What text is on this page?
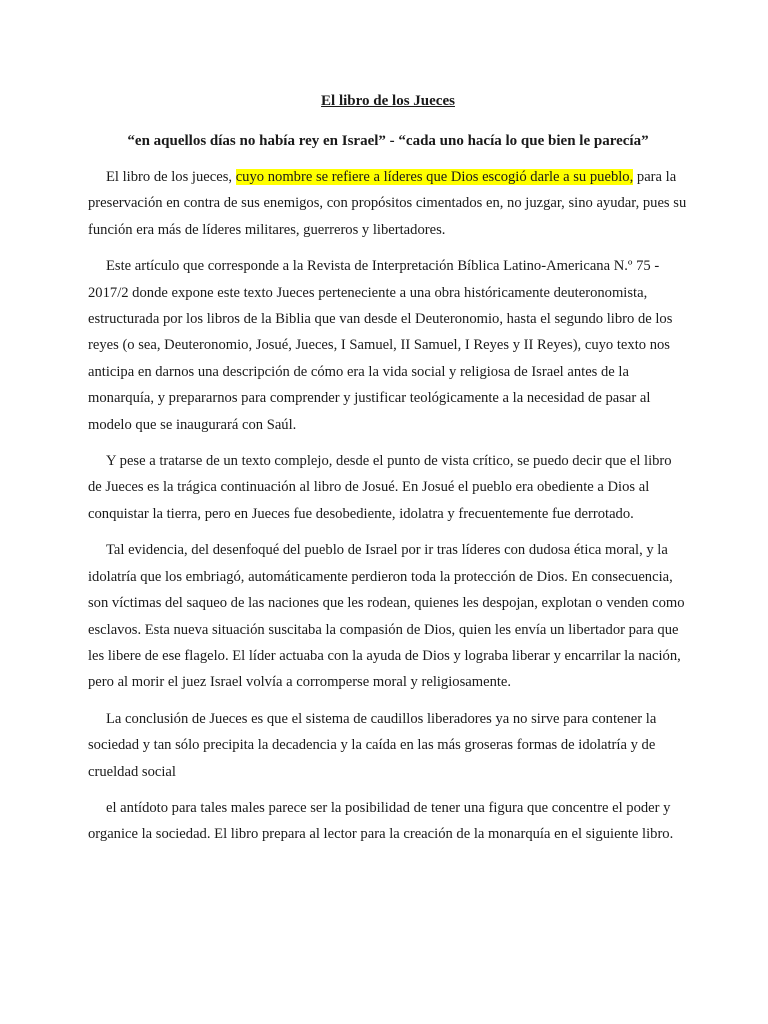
El libro de los Jueces
“en aquellos días no había rey en Israel” - “cada uno hacía lo que bien le parecía”

El libro de los jueces, cuyo nombre se refiere a líderes que Dios escogió darle a su pueblo, para la preservación en contra de sus enemigos, con propósitos cimentados en, no juzgar, sino ayudar, pues su función era más de líderes militares, guerreros y libertadores.

Este artículo que corresponde a la Revista de Interpretación Bíblica Latino-Americana N.º 75 - 2017/2 donde expone este texto Jueces perteneciente a una obra históricamente deuteronomista, estructurada por los libros de la Biblia que van desde el Deuteronomio, hasta el segundo libro de los reyes (o sea, Deuteronomio, Josué, Jueces, I Samuel, II Samuel, I Reyes y II Reyes), cuyo texto nos anticipa en darnos una descripción de cómo era la vida social y religiosa de Israel antes de la monarquía, y prepararnos para comprender y justificar teológicamente a la necesidad de pasar al modelo que se inaugurará con Saúl.

Y pese a tratarse de un texto complejo, desde el punto de vista crítico, se puedo decir que el libro de Jueces es la trágica continuación al libro de Josué. En Josué el pueblo era obediente a Dios al conquistar la tierra, pero en Jueces fue desobediente, idolatra y frecuentemente fue derrotado.

Tal evidencia, del desenfoqué del pueblo de Israel por ir tras líderes con dudosa ética moral, y la idolatría que los embriagó, automáticamente perdieron toda la protección de Dios. En consecuencia, son víctimas del saqueo de las naciones que les rodean, quienes les despojan, explotan o venden como esclavos. Esta nueva situación suscitaba la compasión de Dios, quien les envía un libertador para que les libere de ese flagelo. El líder actuaba con la ayuda de Dios y lograba liberar y encarrilar la nación, pero al morir el juez Israel volvía a corromperse moral y religiosamente.

La conclusión de Jueces es que el sistema de caudillos liberadores ya no sirve para contener la sociedad y tan sólo precipita la decadencia y la caída en las más groseras formas de idolatría y de crueldad social

el antídoto para tales males parece ser la posibilidad de tener una figura que concentre el poder y organice la sociedad. El libro prepara al lector para la creación de la monarquía en el siguiente libro.
